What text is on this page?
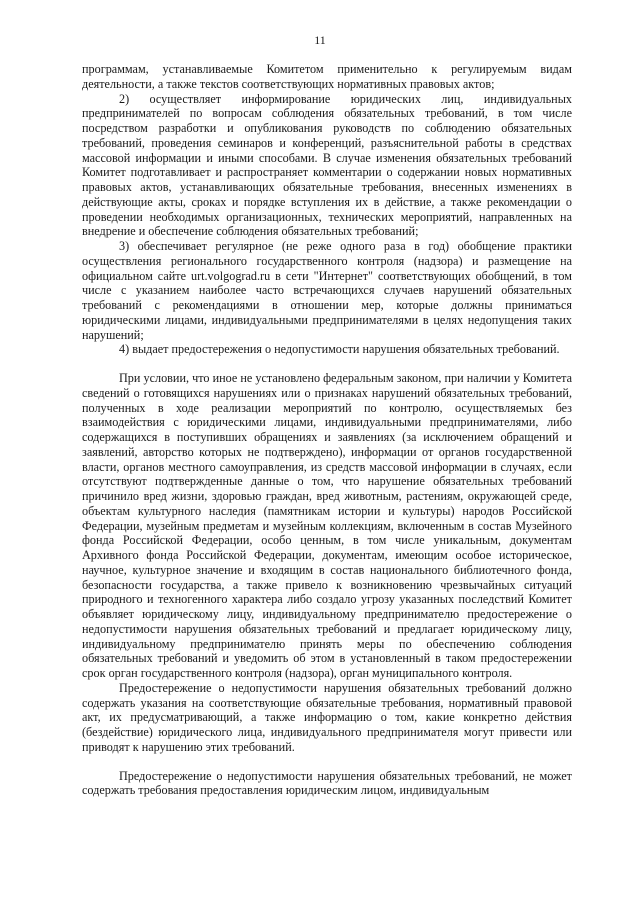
11

программам, устанавливаемые Комитетом применительно к регулируемым видам деятельности, а также текстов соответствующих нормативных правовых актов;

2) осуществляет информирование юридических лиц, индивидуальных предпринимателей по вопросам соблюдения обязательных требований, в том числе посредством разработки и опубликования руководств по соблюдению обязательных требований, проведения семинаров и конференций, разъяснительной работы в средствах массовой информации и иными способами. В случае изменения обязательных требований Комитет подготавливает и распространяет комментарии о содержании новых нормативных правовых актов, устанавливающих обязательные требования, внесенных изменениях в действующие акты, сроках и порядке вступления их в действие, а также рекомендации о проведении необходимых организационных, технических мероприятий, направленных на внедрение и обеспечение соблюдения обязательных требований;

3) обеспечивает регулярное (не реже одного раза в год) обобщение практики осуществления регионального государственного контроля (надзора) и размещение на официальном сайте urt.volgograd.ru в сети "Интернет" соответствующих обобщений, в том числе с указанием наиболее часто встречающихся случаев нарушений обязательных требований с рекомендациями в отношении мер, которые должны приниматься юридическими лицами, индивидуальными предпринимателями в целях недопущения таких нарушений;

4) выдает предостережения о недопустимости нарушения обязательных требований.

При условии, что иное не установлено федеральным законом, при наличии у Комитета сведений о готовящихся нарушениях или о признаках нарушений обязательных требований, полученных в ходе реализации мероприятий по контролю, осуществляемых без взаимодействия с юридическими лицами, индивидуальными предпринимателями, либо содержащихся в поступивших обращениях и заявлениях (за исключением обращений и заявлений, авторство которых не подтверждено), информации от органов государственной власти, органов местного самоуправления, из средств массовой информации в случаях, если отсутствуют подтвержденные данные о том, что нарушение обязательных требований причинило вред жизни, здоровью граждан, вред животным, растениям, окружающей среде, объектам культурного наследия (памятникам истории и культуры) народов Российской Федерации, музейным предметам и музейным коллекциям, включенным в состав Музейного фонда Российской Федерации, особо ценным, в том числе уникальным, документам Архивного фонда Российской Федерации, документам, имеющим особое историческое, научное, культурное значение и входящим в состав национального библиотечного фонда, безопасности государства, а также привело к возникновению чрезвычайных ситуаций природного и техногенного характера либо создало угрозу указанных последствий Комитет объявляет юридическому лицу, индивидуальному предпринимателю предостережение о недопустимости нарушения обязательных требований и предлагает юридическому лицу, индивидуальному предпринимателю принять меры по обеспечению соблюдения обязательных требований и уведомить об этом в установленный в таком предостережении срок орган государственного контроля (надзора), орган муниципального контроля.

Предостережение о недопустимости нарушения обязательных требований должно содержать указания на соответствующие обязательные требования, нормативный правовой акт, их предусматривающий, а также информацию о том, какие конкретно действия (бездействие) юридического лица, индивидуального предпринимателя могут привести или приводят к нарушению этих требований.

Предостережение о недопустимости нарушения обязательных требований, не может содержать требования предоставления юридическим лицом, индивидуальным
